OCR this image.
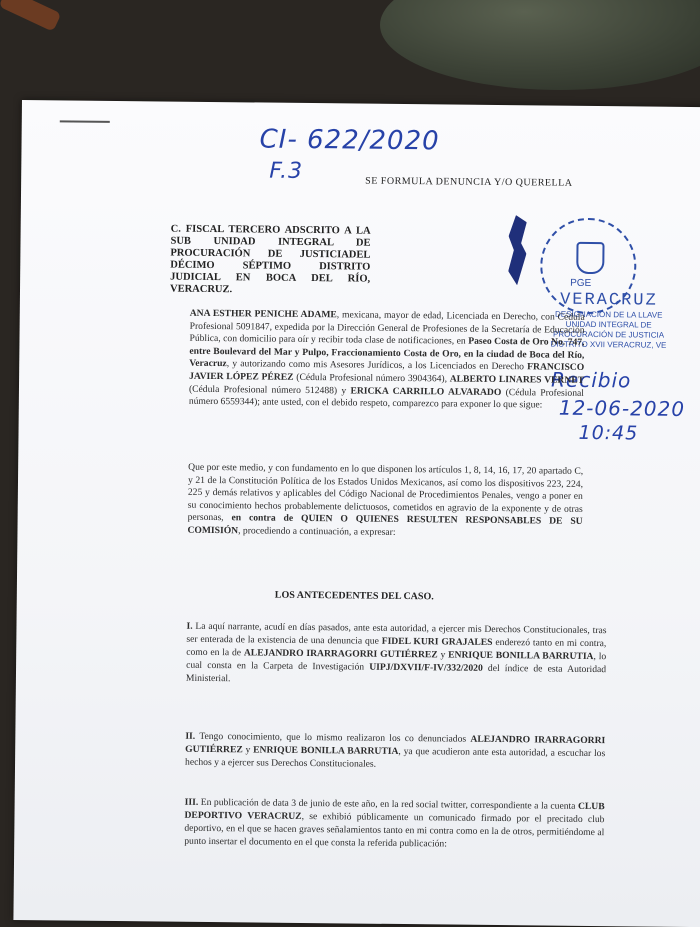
CI- 622/2020
F.3	SE FORMULA DENUNCIA Y/O QUERELLA
C. FISCAL TERCERO ADSCRITO A LA SUB UNIDAD INTEGRAL DE PROCURACIÓN DE JUSTICIADEL DÉCIMO SÉPTIMO DISTRITO JUDICIAL EN BOCA DEL RÍO, VERACRUZ.
PGE
VERACRUZ
DESIGNACIÓN DE LA LLAVE
UNIDAD INTEGRAL DE
PROCURACIÓN DE JUSTICIA
DISTRITO XVII VERACRUZ, VE
Recibio
12-06-2020
10:45
ANA ESTHER PENICHE ADAME, mexicana, mayor de edad, Licenciada en Derecho, con Cédula Profesional 5091847, expedida por la Dirección General de Profesiones de la Secretaría de Educación Pública, con domicilio para oír y recibir toda clase de notificaciones, en Paseo Costa de Oro No. 747, entre Boulevard del Mar y Pulpo, Fraccionamiento Costa de Oro, en la ciudad de Boca del Río, Veracruz, y autorizando como mis Asesores Jurídicos, a los Licenciados en Derecho FRANCISCO JAVIER LÓPEZ PÉREZ (Cédula Profesional número 3904364), ALBERTO LINARES VERNET (Cédula Profesional número 512488) y ERICKA CARRILLO ALVARADO (Cédula Profesional número 6559344); ante usted, con el debido respeto, comparezco para exponer lo que sigue:
Que por este medio, y con fundamento en lo que disponen los artículos 1, 8, 14, 16, 17, 20 apartado C, y 21 de la Constitución Política de los Estados Unidos Mexicanos, así como los dispositivos 223, 224, 225 y demás relativos y aplicables del Código Nacional de Procedimientos Penales, vengo a poner en su conocimiento hechos probablemente delictuosos, cometidos en agravio de la exponente y de otras personas, en contra de QUIEN O QUIENES RESULTEN RESPONSABLES DE SU COMISIÓN, procediendo a continuación, a expresar:
LOS ANTECEDENTES DEL CASO.
I. La aquí narrante, acudí en días pasados, ante esta autoridad, a ejercer mis Derechos Constitucionales, tras ser enterada de la existencia de una denuncia que FIDEL KURI GRAJALES enderezó tanto en mi contra, como en la de ALEJANDRO IRARRAGORRI GUTIÉRREZ y ENRIQUE BONILLA BARRUTIA, lo cual consta en la Carpeta de Investigación UIPJ/DXVII/F-IV/332/2020 del índice de esta Autoridad Ministerial.
II. Tengo conocimiento, que lo mismo realizaron los co denunciados ALEJANDRO IRARRAGORRI GUTIÉRREZ y ENRIQUE BONILLA BARRUTIA, ya que acudieron ante esta autoridad, a escuchar los hechos y a ejercer sus Derechos Constitucionales.
III. En publicación de data 3 de junio de este año, en la red social twitter, correspondiente a la cuenta CLUB DEPORTIVO VERACRUZ, se exhibió públicamente un comunicado firmado por el precitado club deportivo, en el que se hacen graves señalamientos tanto en mi contra como en la de otros, permitiéndome al punto insertar el documento en el que consta la referida publicación:
